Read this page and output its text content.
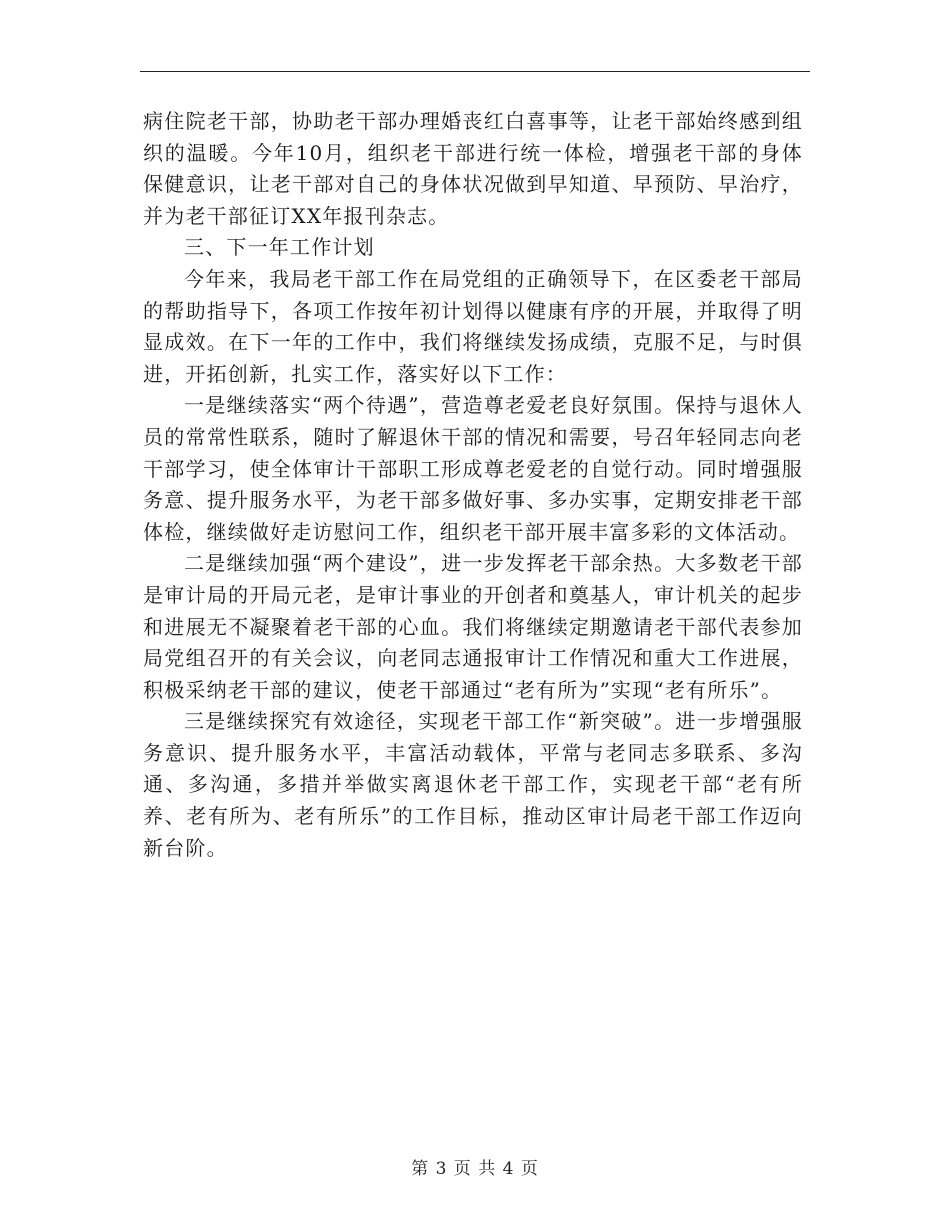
病住院老干部，协助老干部办理婚丧红白喜事等，让老干部始终感到组织的温暖。今年10月，组织老干部进行统一体检，增强老干部的身体保健意识，让老干部对自己的身体状况做到早知道、早预防、早治疗，并为老干部征订XX年报刊杂志。

三、下一年工作计划

今年来，我局老干部工作在局党组的正确领导下，在区委老干部局的帮助指导下，各项工作按年初计划得以健康有序的开展，并取得了明显成效。在下一年的工作中，我们将继续发扬成绩，克服不足，与时俱进，开拓创新，扎实工作，落实好以下工作：

一是继续落实“两个待遇”，营造尊老爱老良好氛围。保持与退休人员的常常性联系，随时了解退休干部的情况和需要，号召年轻同志向老干部学习，使全体审计干部职工形成尊老爱老的自觉行动。同时增强服务意、提升服务水平，为老干部多做好事、多办实事，定期安排老干部体检，继续做好走访慰问工作，组织老干部开展丰富多彩的文体活动。

二是继续加强“两个建设”，进一步发挥老干部余热。大多数老干部是审计局的开局元老，是审计事业的开创者和奠基人，审计机关的起步和进展无不凝聚着老干部的心血。我们将继续定期邀请老干部代表参加局党组召开的有关会议，向老同志通报审计工作情况和重大工作进展，积极采纳老干部的建议，使老干部通过“老有所为”实现“老有所乐”。

三是继续探究有效途径，实现老干部工作“新突破”。进一步增强服务意识、提升服务水平，丰富活动载体，平常与老同志多联系、多沟通、多沟通，多措并举做实离退休老干部工作，实现老干部“老有所养、老有所为、老有所乐”的工作目标，推动区审计局老干部工作迈向新台阶。

第 3 页 共 4 页
